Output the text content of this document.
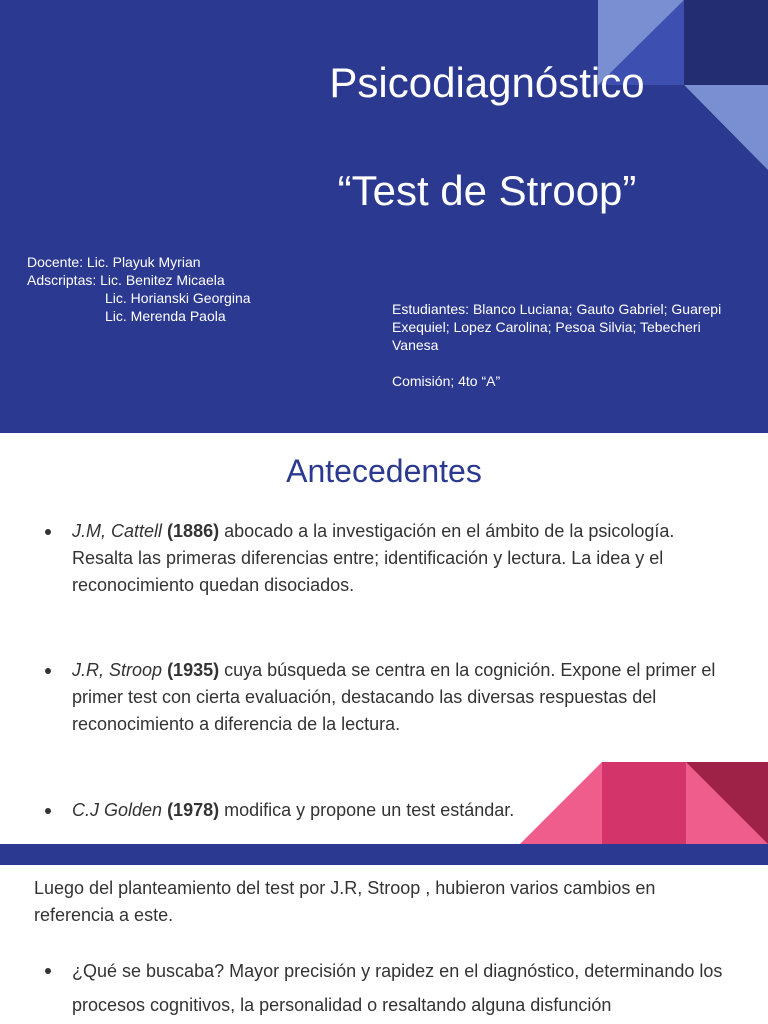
Psicodiagnóstico
“Test de Stroop”
Docente: Lic. Playuk Myrian
Adscriptas: Lic. Benitez Micaela
Lic. Horianski Georgina
Lic. Merenda Paola	Estudiantes: Blanco Luciana; Gauto Gabriel; Guarepi Exequiel; Lopez Carolina; Pesoa Silvia; Tebecheri Vanesa
Comisión; 4to “A”
Antecedentes
J.M, Cattell (1886) abocado a la investigación en el ámbito de la psicología. Resalta las primeras diferencias entre; identificación y lectura. La idea y el reconocimiento quedan disociados.
J.R, Stroop (1935) cuya búsqueda se centra en la cognición. Expone el primer el primer test con cierta evaluación, destacando las diversas respuestas del reconocimiento a diferencia de la lectura.
C.J Golden (1978) modifica y propone un test estándar.
Luego del planteamiento del test por J.R, Stroop , hubieron varios cambios en referencia a este.
¿Qué se buscaba? Mayor precisión y rapidez en el diagnóstico, determinando los procesos cognitivos, la personalidad o resaltando alguna disfunción
